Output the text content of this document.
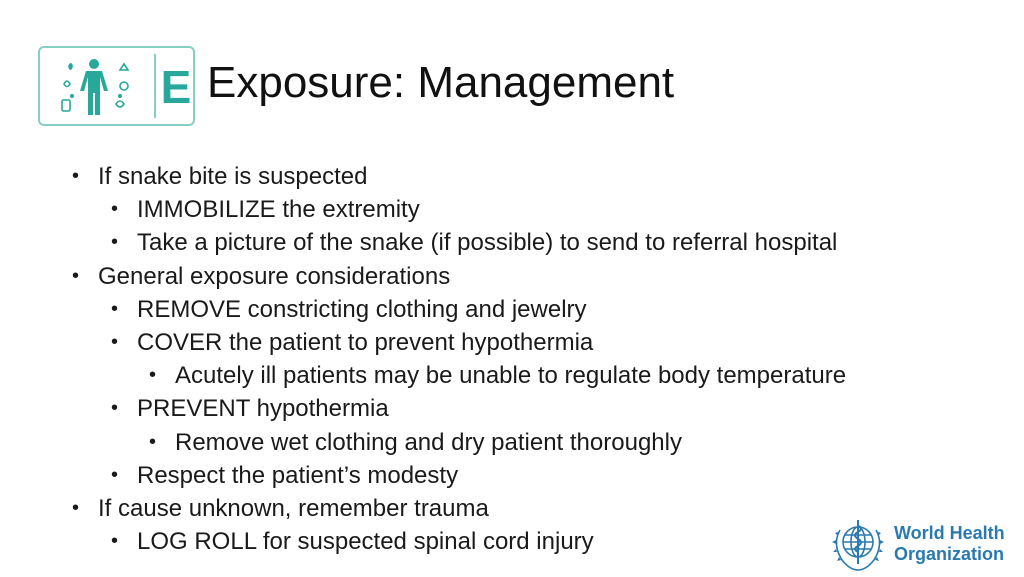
E Exposure: Management
• If snake bite is suspected
• IMMOBILIZE the extremity
• Take a picture of the snake (if possible) to send to referral hospital
• General exposure considerations
• REMOVE constricting clothing and jewelry
• COVER the patient to prevent hypothermia
• Acutely ill patients may be unable to regulate body temperature
• PREVENT hypothermia
• Remove wet clothing and dry patient thoroughly
• Respect the patient’s modesty
• If cause unknown, remember trauma
• LOG ROLL for suspected spinal cord injury	World Health
Organization
